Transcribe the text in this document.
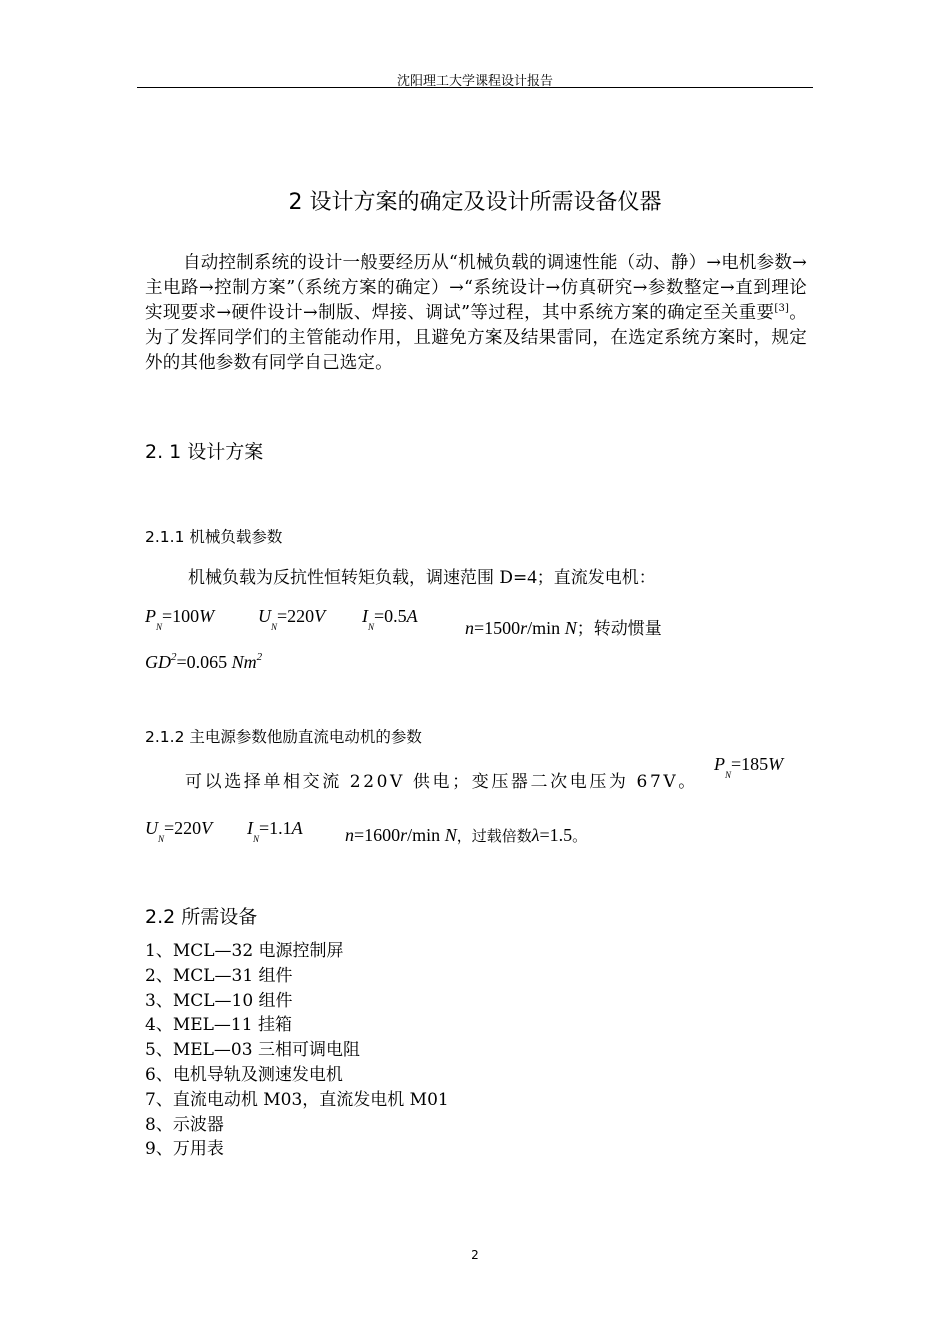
沈阳理工大学课程设计报告
2 设计方案的确定及设计所需设备仪器
自动控制系统的设计一般要经历从“机械负载的调速性能（动、静）→电机参数→主电路→控制方案”（系统方案的确定）→“系统设计→仿真研究→参数整定→直到理论实现要求→硬件设计→制版、焊接、调试”等过程，其中系统方案的确定至关重要[3]。为了发挥同学们的主管能动作用，且避免方案及结果雷同，在选定系统方案时，规定外的其他参数有同学自己选定。
2. 1 设计方案
2.1.1 机械负载参数
机械负载为反抗性恒转矩负载，调速范围 D=4；直流发电机：
$P_N=100W$ $U_N=220V$ $I_N=0.5A$
n=1500r/min N；转动惯量
$GD^2=0.065$ Nm$^2$
2.1.2 主电源参数他励直流电动机的参数
可以选择单相交流 220V 供电；变压器二次电压为 67V。
$P_N=185W$
$U_N=220V$ $I_N=1.1A$ n=1600r/min N，过载倍数λ=1.5。
2.2 所需设备
1、MCL—32 电源控制屏
2、MCL—31 组件
3、MCL—10 组件
4、MEL—11 挂箱
5、MEL—03 三相可调电阻
6、电机导轨及测速发电机
7、直流电动机 M03，直流发电机 M01
8、示波器
9、万用表
2
